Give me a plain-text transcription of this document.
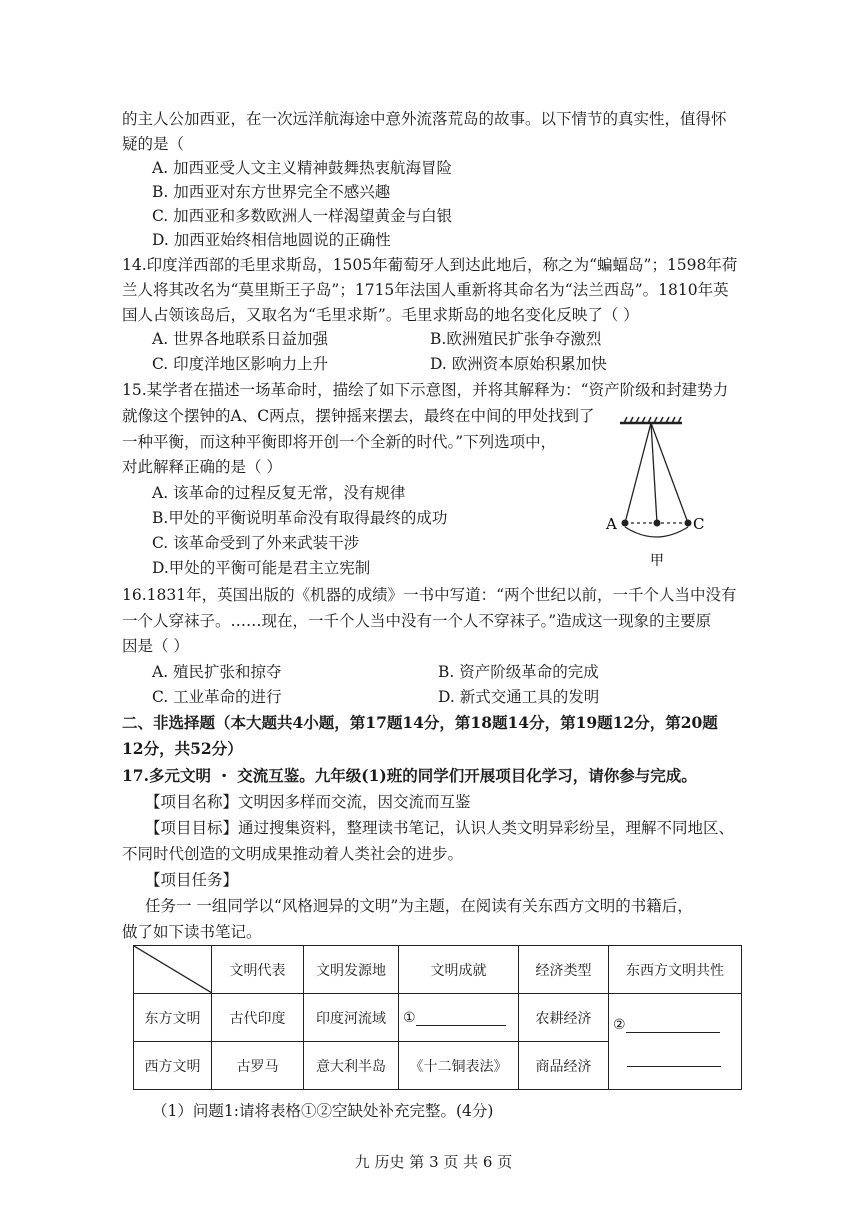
的主人公加西亚，在一次远洋航海途中意外流落荒岛的故事。以下情节的真实性，值得怀
疑的是（
A. 加西亚受人文主义精神鼓舞热衷航海冒险
B. 加西亚对东方世界完全不感兴趣
C. 加西亚和多数欧洲人一样渴望黄金与白银
D. 加西亚始终相信地圆说的正确性
14.印度洋西部的毛里求斯岛，1505年葡萄牙人到达此地后，称之为“蝙蝠岛”；1598年荷
兰人将其改名为“莫里斯王子岛”；1715年法国人重新将其命名为“法兰西岛”。1810年英
国人占领该岛后，又取名为“毛里求斯”。毛里求斯岛的地名变化反映了（ ）
A. 世界各地联系日益加强	B.欧洲殖民扩张争夺激烈
C. 印度洋地区影响力上升	D. 欧洲资本原始积累加快
15.某学者在描述一场革命时，描绘了如下示意图，并将其解释为：“资产阶级和封建势力
就像这个摆钟的A、C两点，摆钟摇来摆去，最终在中间的甲处找到了
一种平衡，而这种平衡即将开创一个全新的时代。”下列选项中，
对此解释正确的是（ ）
A. 该革命的过程反复无常，没有规律
B.甲处的平衡说明革命没有取得最终的成功
C. 该革命受到了外来武装干涉
D.甲处的平衡可能是君主立宪制
A	C
甲
16.1831年，英国出版的《机器的成绩》一书中写道：“两个世纪以前，一千个人当中没有
一个人穿袜子。……现在，一千个人当中没有一个人不穿袜子。”造成这一现象的主要原
因是（ ）
A. 殖民扩张和掠夺	B. 资产阶级革命的完成
C. 工业革命的进行	D. 新式交通工具的发明
二、非选择题（本大题共4小题，第17题14分，第18题14分，第19题12分，第20题
12分，共52分）
17.多元文明 ・ 交流互鉴。九年级(1)班的同学们开展项目化学习，请你参与完成。
【项目名称】文明因多样而交流，因交流而互鉴
【项目目标】通过搜集资料，整理读书笔记，认识人类文明异彩纷呈，理解不同地区、
不同时代创造的文明成果推动着人类社会的进步。
【项目任务】
任务一 一组同学以“风格迥异的文明”为主题，在阅读有关东西方文明的书籍后，
做了如下读书笔记。
	文明代表	文明发源地	文明成就	经济类型	东西方文明共性
东方文明	古代印度	印度河流域	①	农耕经济	②

西方文明	古罗马	意大利半岛	《十二铜表法》	商品经济	
（1）问题1:请将表格①②空缺处补充完整。(4分)
九 历史 第 3 页 共 6 页
